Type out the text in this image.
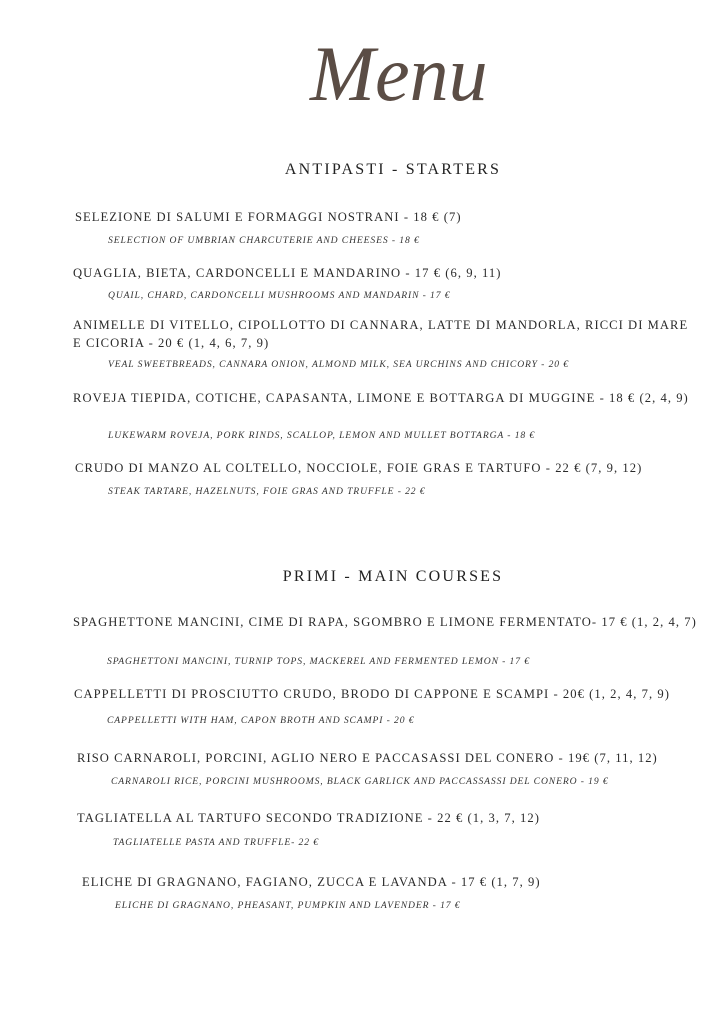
Menu
ANTIPASTI - STARTERS
SELEZIONE DI SALUMI E FORMAGGI NOSTRANI - 18 € (7)
SELECTION OF UMBRIAN CHARCUTERIE AND CHEESES - 18 €
QUAGLIA, BIETA, CARDONCELLI E MANDARINO - 17 € (6, 9, 11)
QUAIL, CHARD, CARDONCELLI MUSHROOMS AND MANDARIN - 17 €
ANIMELLE DI VITELLO, CIPOLLOTTO DI CANNARA, LATTE DI MANDORLA, RICCI DI MARE E CICORIA - 20 € (1, 4, 6, 7, 9)
VEAL SWEETBREADS, CANNARA ONION, ALMOND MILK, SEA URCHINS AND CHICORY - 20 €
ROVEJA TIEPIDA, COTICHE, CAPASANTA, LIMONE E BOTTARGA DI MUGGINE - 18 € (2, 4, 9)
LUKEWARM ROVEJA, PORK RINDS, SCALLOP, LEMON AND MULLET BOTTARGA - 18 €
CRUDO DI MANZO AL COLTELLO, NOCCIOLE, FOIE GRAS E TARTUFO - 22 € (7, 9, 12)
STEAK TARTARE, HAZELNUTS, FOIE GRAS AND TRUFFLE - 22 €
PRIMI - MAIN COURSES
SPAGHETTONE MANCINI, CIME DI RAPA, SGOMBRO E LIMONE FERMENTATO- 17 € (1, 2, 4, 7)
SPAGHETTONI MANCINI, TURNIP TOPS, MACKEREL AND FERMENTED LEMON - 17 €
CAPPELLETTI DI PROSCIUTTO CRUDO, BRODO DI CAPPONE E SCAMPI - 20€ (1, 2, 4, 7, 9)
CAPPELLETTI WITH HAM, CAPON BROTH AND SCAMPI - 20 €
RISO CARNAROLI, PORCINI, AGLIO NERO E PACCASASSI DEL CONERO - 19€ (7, 11, 12)
CARNAROLI RICE, PORCINI MUSHROOMS, BLACK GARLICK AND PACCASSASSI DEL CONERO - 19 €
TAGLIATELLA AL TARTUFO SECONDO TRADIZIONE - 22 € (1, 3, 7, 12)
TAGLIATELLE PASTA AND TRUFFLE- 22 €
ELICHE DI GRAGNANO, FAGIANO, ZUCCA E LAVANDA - 17 € (1, 7, 9)
ELICHE DI GRAGNANO, PHEASANT, PUMPKIN AND LAVENDER - 17 €
